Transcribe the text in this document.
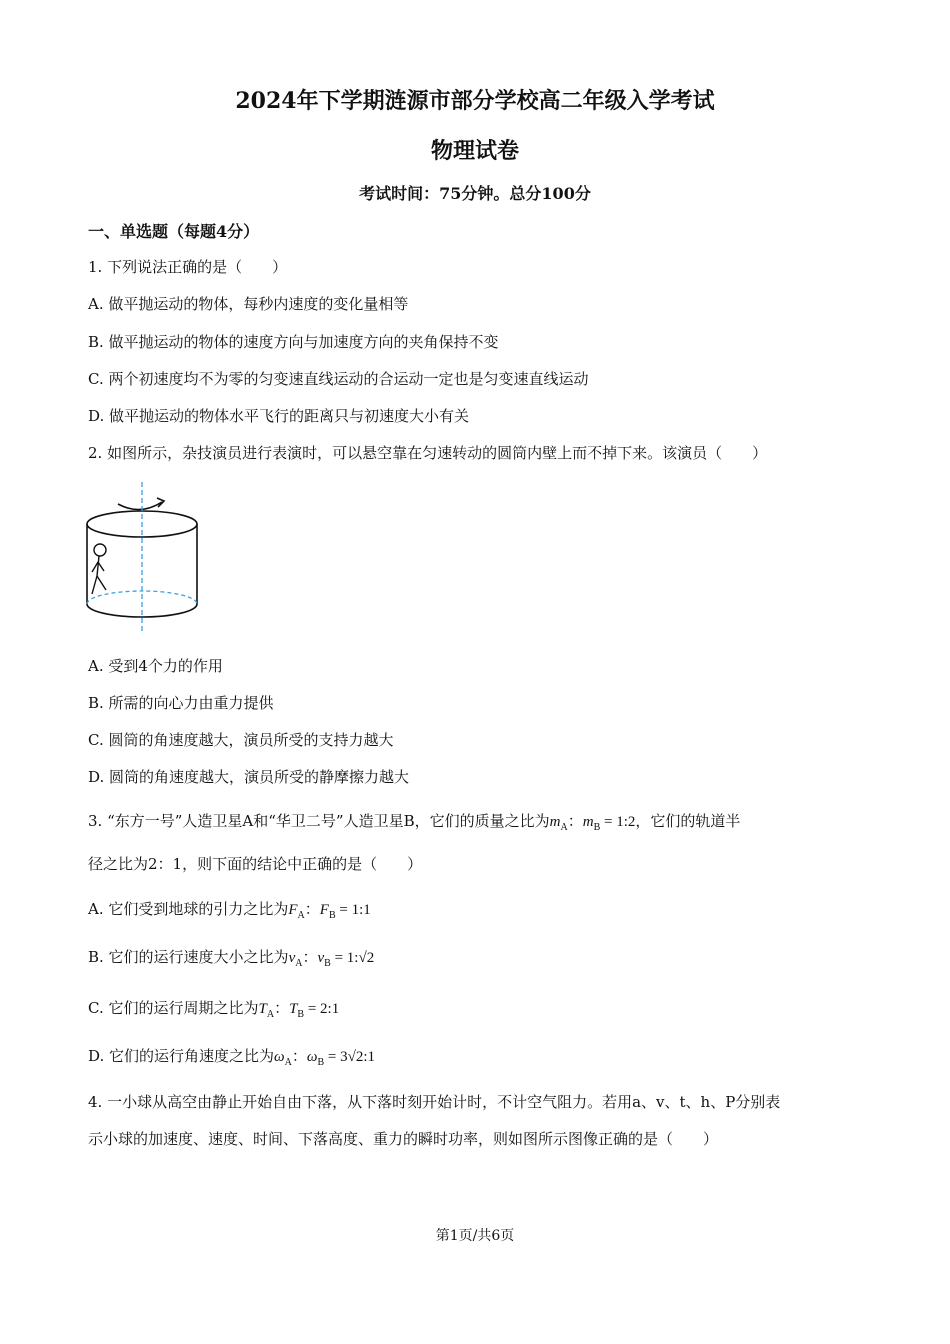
2024年下学期涟源市部分学校高二年级入学考试
物理试卷
考试时间：75分钟。总分100分
一、单选题（每题4分）
1. 下列说法正确的是（　　）
A. 做平抛运动的物体，每秒内速度的变化量相等
B. 做平抛运动的物体的速度方向与加速度方向的夹角保持不变
C. 两个初速度均不为零的匀变速直线运动的合运动一定也是匀变速直线运动
D. 做平抛运动的物体水平飞行的距离只与初速度大小有关
2. 如图所示，杂技演员进行表演时，可以悬空靠在匀速转动的圆筒内壁上而不掉下来。该演员（　　）
A. 受到4个力的作用
B. 所需的向心力由重力提供
C. 圆筒的角速度越大，演员所受的支持力越大
D. 圆筒的角速度越大，演员所受的静摩擦力越大
3. “东方一号”人造卫星A和“华卫二号”人造卫星B，它们的质量之比为$m_A$：$m_B$ = 1:2，它们的轨道半
径之比为2：1，则下面的结论中正确的是（　　）
A. 它们受到地球的引力之比为$F_A$：$F_B$ = 1:1
B. 它们的运行速度大小之比为$v_A$：$v_B$ = 1:√2
C. 它们的运行周期之比为$T_A$：$T_B$ = 2:1
D. 它们的运行角速度之比为$\omega_A$：$\omega_B$ = 3√2:1
4. 一小球从高空由静止开始自由下落，从下落时刻开始计时，不计空气阻力。若用a、v、t、h、P分别表
示小球的加速度、速度、时间、下落高度、重力的瞬时功率，则如图所示图像正确的是（　　）
第1页/共6页
